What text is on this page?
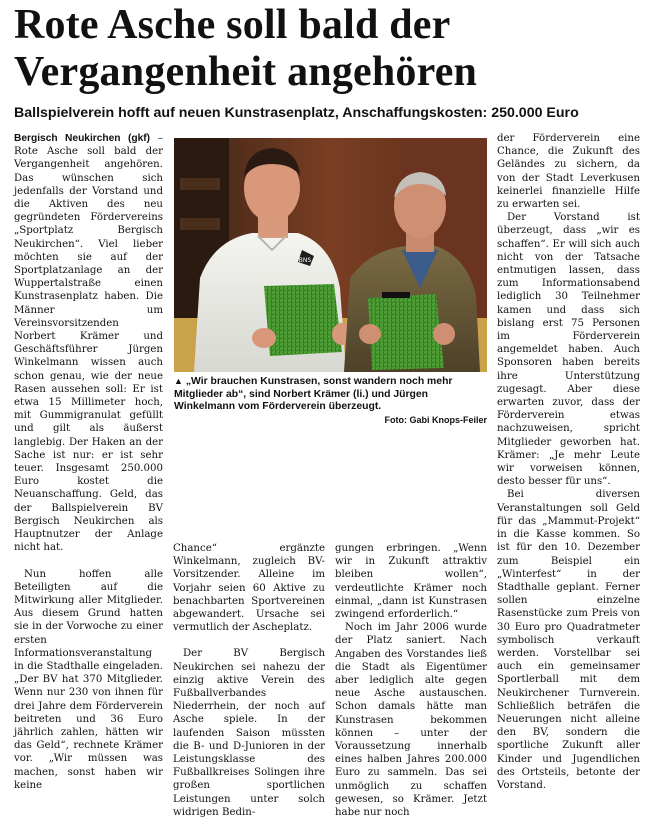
Rote Asche soll bald der
Vergangenheit angehören
Ballspielverein hofft auf neuen Kunstrasenplatz, Anschaffungskosten: 250.000 Euro

Bergisch Neukirchen (gkf) – Rote Asche soll bald der Vergangenheit angehören. Das wünschen sich jedenfalls der Vorstand und die Aktiven des neu gegründeten Fördervereins „Sportplatz Bergisch Neukirchen“. Viel lieber möchten sie auf der Sportplatzanlage an der Wuppertalstraße einen Kunstrasenplatz haben. Die Männer um Vereinsvorsitzenden Norbert Krämer und Geschäftsführer Jürgen Winkelmann wissen auch schon genau, wie der neue Rasen aussehen soll: Er ist etwa 15 Millimeter hoch, mit Gummigranulat gefüllt und gilt als äußerst langlebig. Der Haken an der Sache ist nur: er ist sehr teuer. Insgesamt 250.000 Euro kostet die Neuanschaffung. Geld, das der Ballspielverein BV Bergisch Neukirchen als Hauptnutzer der Anlage nicht hat.

Nun hoffen alle Beteiligten auf die Mitwirkung aller Mitglieder. Aus diesem Grund hatten sie in der Vorwoche zu einer ersten Informationsveranstaltung in die Stadthalle eingeladen. „Der BV hat 370 Mitglieder. Wenn nur 230 von ihnen für drei Jahre dem Förderverein beitreten und 36 Euro jährlich zahlen, hätten wir das Geld“, rechnete Krämer vor. „Wir müssen was machen, sonst haben wir keine

BNS
▲ „Wir brauchen Kunstrasen, sonst wandern noch mehr Mitglieder ab“, sind Norbert Krämer (li.) und Jürgen Winkelmann vom Förderverein überzeugt.
Foto: Gabi Knops-Feiler

Chance“ ergänzte Winkelmann, zugleich BV-Vorsitzender. Alleine im Vorjahr seien 60 Aktive zu benachbarten Sportvereinen abgewandert. Ursache sei vermutlich der Ascheplatz.

Der BV Bergisch Neukirchen sei nahezu der einzig aktive Verein des Fußballverbandes Niederrhein, der noch auf Asche spiele. In der laufenden Saison müssten die B- und D-Junioren in der Leistungsklasse des Fußballkreises Solingen ihre großen sportlichen Leistungen unter solch widrigen Bedin-

gungen erbringen. „Wenn wir in Zukunft attraktiv bleiben wollen“, verdeutlichte Krämer noch einmal, „dann ist Kunstrasen zwingend erforderlich.“

Noch im Jahr 2006 wurde der Platz saniert. Nach Angaben des Vorstandes ließ die Stadt als Eigentümer aber lediglich alte gegen neue Asche austauschen. Schon damals hätte man Kunstrasen bekommen können – unter der Voraussetzung innerhalb eines halben Jahres 200.000 Euro zu sammeln. Das sei unmöglich zu schaffen gewesen, so Krämer. Jetzt habe nur noch

der Förderverein eine Chance, die Zukunft des Geländes zu sichern, da von der Stadt Leverkusen keinerlei finanzielle Hilfe zu erwarten sei.

Der Vorstand ist überzeugt, dass „wir es schaffen“. Er will sich auch nicht von der Tatsache entmutigen lassen, dass zum Informationsabend lediglich 30 Teilnehmer kamen und dass sich bislang erst 75 Personen im Förderverein angemeldet haben. Auch Sponsoren haben bereits ihre Unterstützung zugesagt. Aber diese erwarten zuvor, dass der Förderverein etwas nachzuweisen, spricht Mitglieder geworben hat. Krämer: „Je mehr Leute wir vorweisen können, desto besser für uns“.

Bei diversen Veranstaltungen soll Geld für das „Mammut-Projekt“ in die Kasse kommen. So ist für den 10. Dezember zum Beispiel ein „Winterfest“ in der Stadthalle geplant. Ferner sollen einzelne Rasenstücke zum Preis von 30 Euro pro Quadratmeter symbolisch verkauft werden. Vorstellbar sei auch ein gemeinsamer Sportlerball mit dem Neukirchener Turnverein. Schließlich beträfen die Neuerungen nicht alleine den BV, sondern die sportliche Zukunft aller Kinder und Jugendlichen des Ortsteils, betonte der Vorstand.
